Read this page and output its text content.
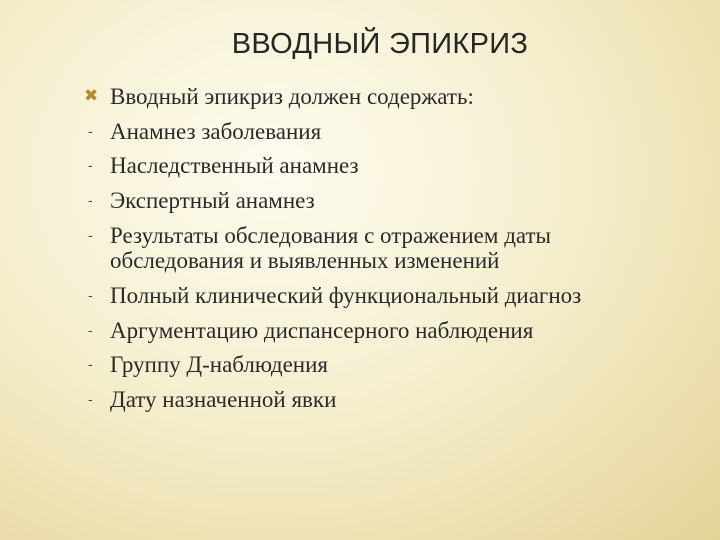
ВВОДНЫЙ ЭПИКРИЗ
✖ Вводный эпикриз должен содержать:
- Анамнез заболевания
- Наследственный анамнез
- Экспертный анамнез
- Результаты обследования с отражением даты обследования и выявленных изменений
- Полный клинический функциональный диагноз
- Аргументацию диспансерного наблюдения
- Группу Д-наблюдения
- Дату назначенной явки
